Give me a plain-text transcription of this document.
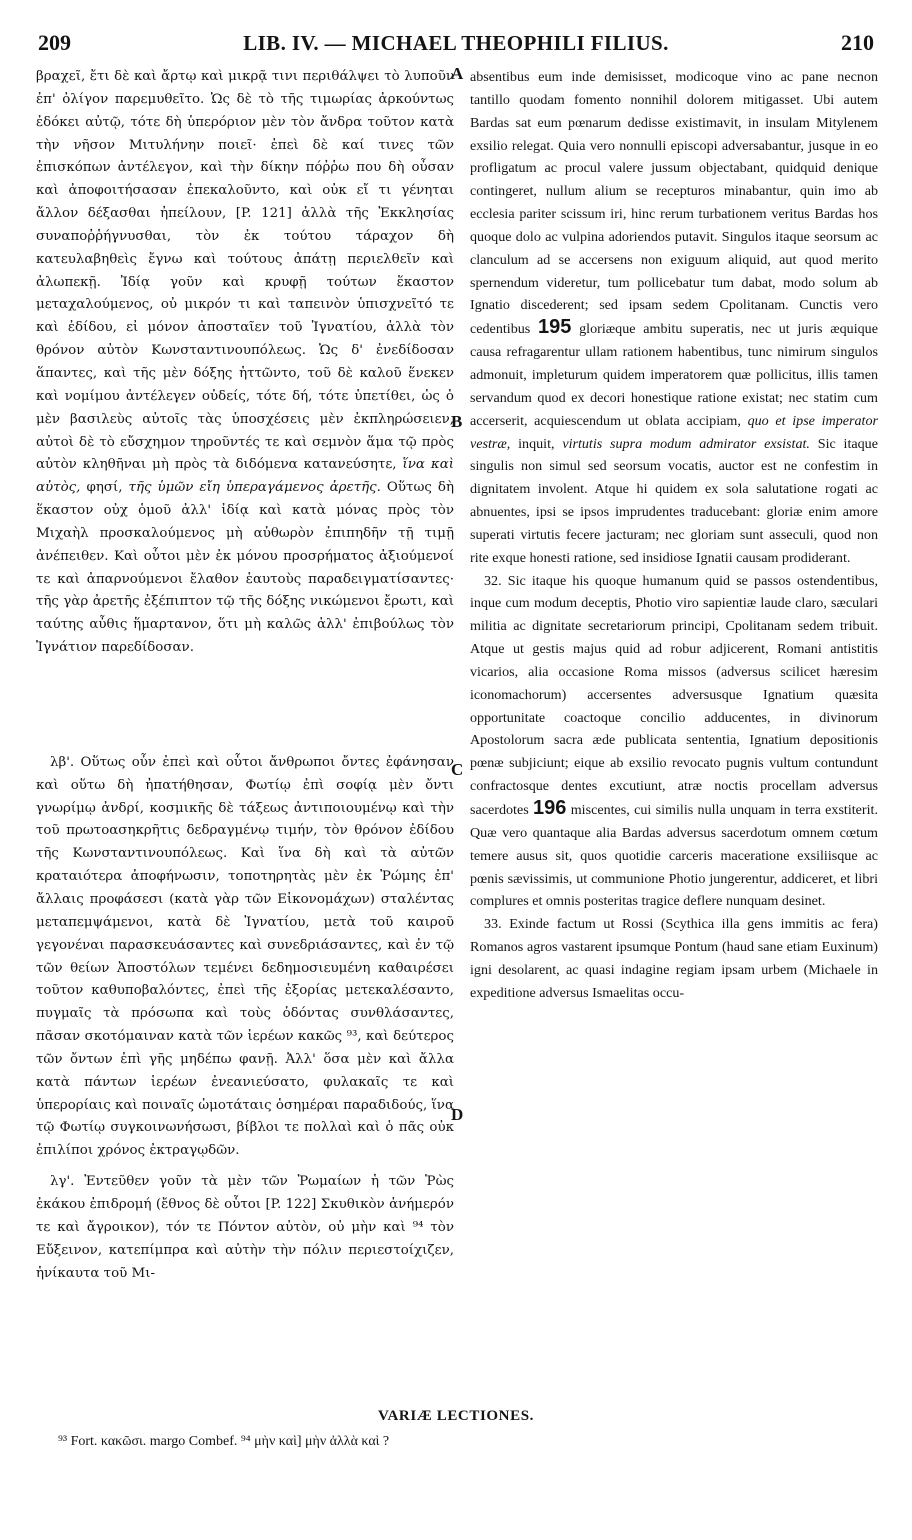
209	LIB. IV. — MICHAEL THEOPHILI FILIUS.	210

βραχεῖ, ἔτι δὲ καὶ ἄρτῳ καὶ μικρᾷ τινι περιθάλψει τὸ λυποῦν ἐπ' ὀλίγον παρεμυθεῖτο. Ὡς δὲ τὸ τῆς τιμωρίας ἀρκούντως ἐδόκει αὐτῷ, τότε δὴ ὑπερόριον μὲν τὸν ἄνδρα τοῦτον κατὰ τὴν νῆσον Μιτυλήνην ποιεῖ· ἐπεὶ δὲ καί τινες τῶν ἐπισκόπων ἀντέλεγον, καὶ τὴν δίκην πόῤῥω που δὴ οὖσαν καὶ ἀποφοιτήσασαν ἐπεκαλοῦντο, καὶ οὐκ εἴ τι γένηται ἄλλον δέξασθαι ἠπείλουν, [P. 121] ἀλλὰ τῆς Ἐκκλησίας συναποῤῥήγνυσθαι, τὸν ἐκ τούτου τάραχον δὴ κατευλαβηθεὶς ἔγνω καὶ τούτους ἀπάτῃ περιελθεῖν καὶ ἀλωπεκῇ. Ἰδίᾳ γοῦν καὶ κρυφῇ τούτων ἕκαστον μεταχαλούμενος, οὐ μικρόν τι καὶ ταπεινὸν ὑπισχνεῖτό τε καὶ ἐδίδου, εἰ μόνον ἀποσταῖεν τοῦ Ἰγνατίου, ἀλλὰ τὸν θρόνον αὐτὸν Κωνσταντινουπόλεως. Ὡς δ' ἐνεδίδοσαν ἅπαντες, καὶ τῆς μὲν δόξης ἡττῶντο, τοῦ δὲ καλοῦ ἕνεκεν καὶ νομίμου ἀντέλεγεν οὐδείς, τότε δή, τότε ὑπετίθει, ὡς ὁ μὲν βασιλεὺς αὐτοῖς τὰς ὑποσχέσεις μὲν ἐκπληρώσειεν, αὐτοὶ δὲ τὸ εὔσχημον τηροῦντές τε καὶ σεμνὸν ἅμα τῷ πρὸς αὐτὸν κληθῆναι μὴ πρὸς τὰ διδόμενα κατανεύσητε, ἵνα καὶ αὐτὸς, φησί, τῆς ὑμῶν εἴη ὑπεραγάμενος ἀρετῆς. Οὕτως δὴ ἕκαστον οὐχ ὁμοῦ ἀλλ' ἰδίᾳ καὶ κατὰ μόνας πρὸς τὸν Μιχαὴλ προσκαλούμενος μὴ αὐθωρὸν ἐπιπηδῆν τῇ τιμῇ ἀνέπειθεν. Καὶ οὗτοι μὲν ἐκ μόνου προσρήματος ἀξιούμενοί τε καὶ ἀπαρνούμενοι ἔλαθον ἑαυτοὺς παραδειγματίσαντες· τῆς γὰρ ἀρετῆς ἐξέπιπτον τῷ τῆς δόξης νικώμενοι ἔρωτι, καὶ ταύτης αὖθις ἥμαρτανον, ὅτι μὴ καλῶς ἀλλ' ἐπιβούλως τὸν Ἰγνάτιον παρεδίδοσαν.

λβ'. Οὕτως οὖν ἐπεὶ καὶ οὗτοι ἄνθρωποι ὄντες ἐφάνησαν καὶ οὕτω δὴ ἠπατήθησαν, Φωτίῳ ἐπὶ σοφίᾳ μὲν ὄντι γνωρίμῳ ἀνδρί, κοσμικῆς δὲ τάξεως ἀντιποιουμένῳ καὶ τὴν τοῦ πρωτοασηκρῆτις δεδραγμένῳ τιμήν, τὸν θρόνον ἐδίδου τῆς Κωνσταντινουπόλεως. Καὶ ἵνα δὴ καὶ τὰ αὐτῶν κραταιότερα ἀποφήνωσιν, τοποτηρητὰς μὲν ἐκ Ῥώμης ἐπ' ἄλλαις προφάσεσι (κατὰ γὰρ τῶν Εἰκονομάχων) σταλέντας μεταπεμψάμενοι, κατὰ δὲ Ἰγνατίου, μετὰ τοῦ καιροῦ γεγονέναι παρασκευάσαντες καὶ συνεδριάσαντες, καὶ ἐν τῷ τῶν θείων Ἀποστόλων τεμένει δεδημοσιευμένη καθαιρέσει τοῦτον καθυποβαλόντες, ἐπεὶ τῆς ἐξορίας μετεκαλέσαντο, πυγμαῖς τὰ πρόσωπα καὶ τοὺς ὀδόντας συνθλάσαντες, πᾶσαν σκοτόμαιναν κατὰ τῶν ἱερέων κακῶς ⁹³, καὶ δεύτερος τῶν ὄντων ἐπὶ γῆς μηδέπω φανῇ. Ἀλλ' ὅσα μὲν καὶ ἄλλα κατὰ πάντων ἱερέων ἐνεανιεύσατο, φυλακαῖς τε καὶ ὑπερορίαις καὶ ποιναῖς ὠμοτάταις ὁσημέραι παραδιδούς, ἵνα τῷ Φωτίῳ συγκοινωνήσωσι, βίβλοι τε πολλαὶ καὶ ὁ πᾶς οὐκ ἐπιλίποι χρόνος ἐκτραγῳδῶν.

λγ'. Ἐντεῦθεν γοῦν τὰ μὲν τῶν Ῥωμαίων ἡ τῶν Ῥὼς ἐκάκου ἐπιδρομή (ἔθνος δὲ οὗτοι [P. 122] Σκυθικὸν ἀνήμερόν τε καὶ ἄγροικον), τόν τε Πόντον αὐτὸν, οὐ μὴν καὶ ⁹⁴ τὸν Εὔξεινον, κατεπίμπρα καὶ αὐτὴν τὴν πόλιν περιεστοίχιζεν, ἡνίκαυτα τοῦ Μι-

A
B
C
D

absentibus eum inde demisisset, modicoque vino ac pane necnon tantillo quodam fomento nonnihil dolorem mitigasset. Ubi autem Bardas sat eum pœnarum dedisse existimavit, in insulam Mitylenem exsilio relegat. Quia vero nonnulli episcopi adversabantur, jusque in eo profligatum ac procul valere jussum objectabant, quidquid denique contingeret, nullum alium se recepturos minabantur, quin imo ab ecclesia pariter scissum iri, hinc rerum turbationem veritus Bardas hos quoque dolo ac vulpina adoriendos putavit. Singulos itaque seorsum ac clanculum ad se accersens non exiguum aliquid, aut quod merito spernendum videretur, tum pollicebatur tum dabat, modo solum ab Ignatio discederent; sed ipsam sedem Cpolitanam. Cunctis vero cedentibus 195 gloriæque ambitu superatis, nec ut juris æquique causa refragarentur ullam rationem habentibus, tunc nimirum singulos admonuit, impleturum quidem imperatorem quæ pollicitus, illis tamen servandum quod ex decori honestique ratione existat; nec statim cum accerserit, acquiescendum ut oblata accipiam, quo et ipse imperator vestræ, inquit, virtutis supra modum admirator exsistat. Sic itaque singulis non simul sed seorsum vocatis, auctor est ne confestim in dignitatem involent. Atque hi quidem ex sola salutatione rogati ac abnuentes, ipsi se ipsos imprudentes traducebant: gloriæ enim amore superati virtutis fecere jacturam; nec gloriam sunt asseculi, quod non rite exque honesti ratione, sed insidiose Ignatii causam prodiderant.

32. Sic itaque his quoque humanum quid se passos ostendentibus, inque cum modum deceptis, Photio viro sapientiæ laude claro, sæculari militia ac dignitate secretariorum principi, Cpolitanam sedem tribuit. Atque ut gestis majus quid ad robur adjicerent, Romani antistitis vicarios, alia occasione Roma missos (adversus scilicet hæresim iconomachorum) accersentes adversusque Ignatium quæsita opportunitate coactoque concilio adducentes, in divinorum Apostolorum sacra æde publicata sententia, Ignatium depositionis pœnæ subjiciunt; eique ab exsilio revocato pugnis vultum contundunt confractosque dentes excutiunt, atræ noctis procellam adversus sacerdotes 196 miscentes, cui similis nulla unquam in terra exstiterit. Quæ vero quantaque alia Bardas adversus sacerdotum omnem cœtum temere ausus sit, quos quotidie carceris maceratione exsiliisque ac pœnis sævissimis, ut communione Photio jungerentur, addiceret, et libri complures et omnis posteritas tragice deflere nunquam desinet.

33. Exinde factum ut Rossi (Scythica illa gens immitis ac fera) Romanos agros vastarent ipsumque Pontum (haud sane etiam Euxinum) igni desolarent, ac quasi indagine regiam ipsam urbem (Michaele in expeditione adversus Ismaelitas occu-

VARIÆ LECTIONES.
⁹³ Fort. κακῶσι. margo Combef. ⁹⁴ μὴν καὶ] μὴν ἀλλὰ καὶ ?
